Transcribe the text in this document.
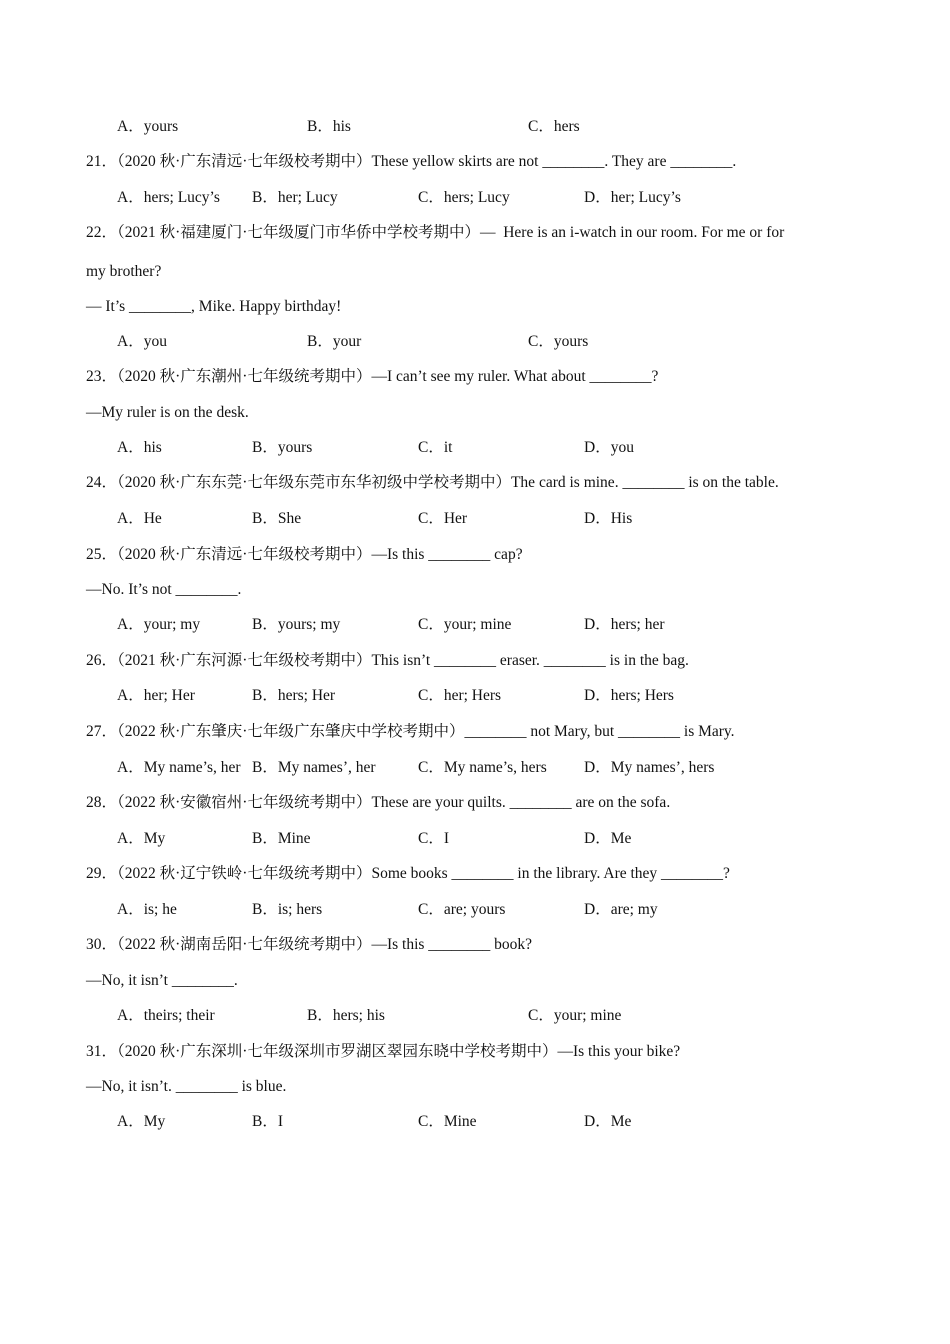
A．yours	B．his	C．hers
21．（2020 秋·广东清远·七年级校考期中）These yellow skirts are not ________. They are ________.
A．hers; Lucy’s B．her; Lucy	C．hers; Lucy	D．her; Lucy’s
22．（2021 秋·福建厦门·七年级厦门市华侨中学校考期中）—  Here is an i-watch in our room. For me or for
my brother?
— It’s ________, Mike. Happy birthday!
A．you	B．your	C．yours
23．（2020 秋·广东潮州·七年级统考期中）—I can’t see my ruler. What about ________?
—My ruler is on the desk.
A．his	B．yours	C．it	D．you
24．（2020 秋·广东东莞·七年级东莞市东华初级中学校考期中）The card is mine. ________ is on the table.
A．He	B．She	C．Her	D．His
25．（2020 秋·广东清远·七年级校考期中）—Is this ________ cap?
—No. It’s not ________.
A．your; my	B．yours; my	C．your; mine	D．hers; her
26．（2021 秋·广东河源·七年级校考期中）This isn’t ________ eraser. ________ is in the bag.
A．her; Her	B．hers; Her	C．her; Hers	D．hers; Hers
27．（2022 秋·广东肇庆·七年级广东肇庆中学校考期中）________ not Mary, but ________ is Mary.
A．My name’s, her B．My names’, her	C．My name’s, hers D．My names’, hers
28．（2022 秋·安徽宿州·七年级统考期中）These are your quilts. ________ are on the sofa.
A．My	B．Mine	C．I	D．Me
29．（2022 秋·辽宁铁岭·七年级统考期中）Some books ________ in the library. Are they ________?
A．is; he	B．is; hers	C．are; yours	D．are; my
30．（2022 秋·湖南岳阳·七年级统考期中）—Is this ________ book?
—No, it isn’t ________.
A．theirs; their	B．hers; his	C．your; mine
31．（2020 秋·广东深圳·七年级深圳市罗湖区翠园东晓中学校考期中）—Is this your bike?
—No, it isn’t. ________ is blue.
A．My	B．I	C．Mine	D．Me
